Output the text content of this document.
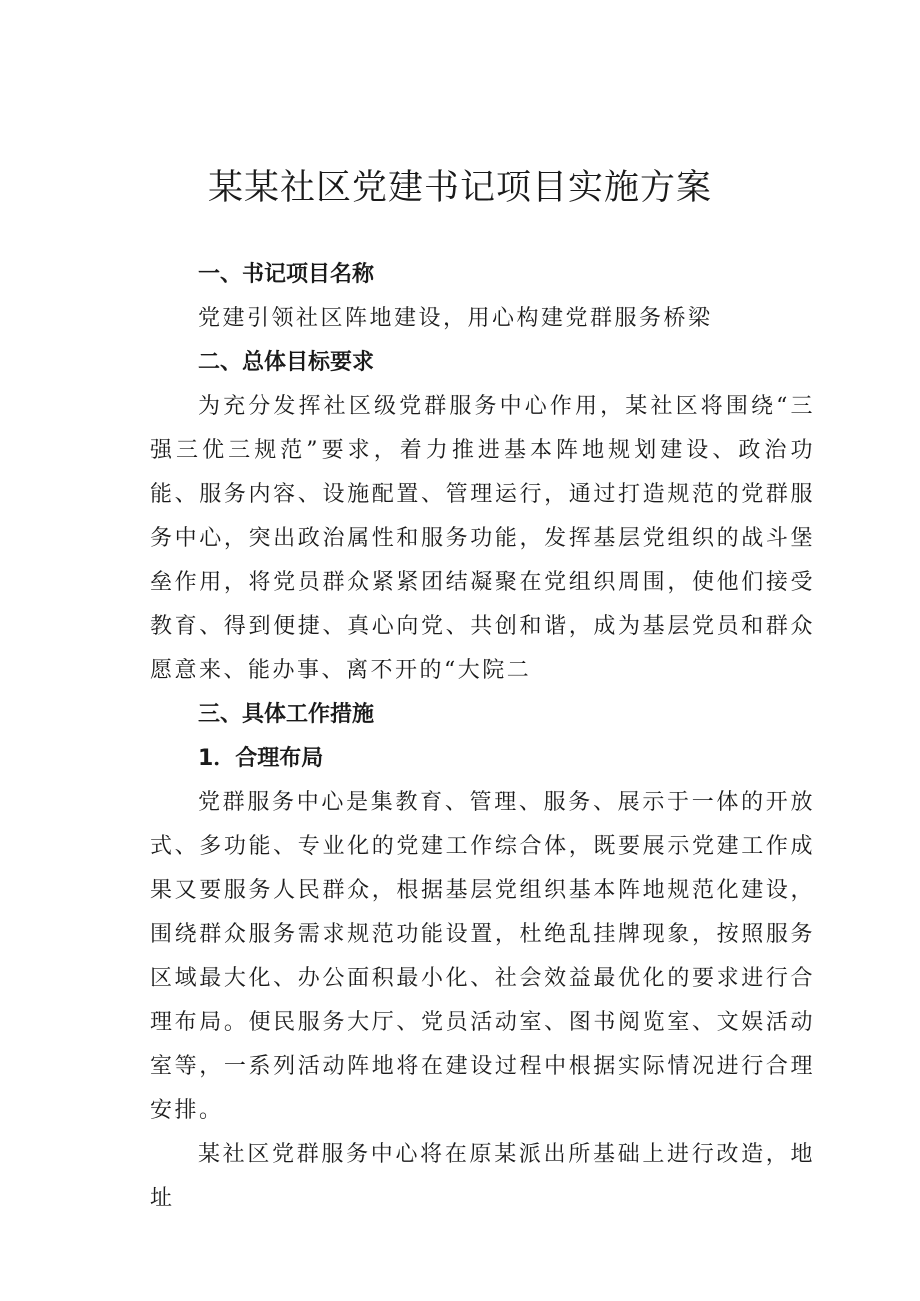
某某社区党建书记项目实施方案
一、书记项目名称

党建引领社区阵地建设，用心构建党群服务桥梁

二、总体目标要求

为充分发挥社区级党群服务中心作用，某社区将围绕“三强三优三规范”要求，着力推进基本阵地规划建设、政治功能、服务内容、设施配置、管理运行，通过打造规范的党群服务中心，突出政治属性和服务功能，发挥基层党组织的战斗堡垒作用，将党员群众紧紧团结凝聚在党组织周围，使他们接受教育、得到便捷、真心向党、共创和谐，成为基层党员和群众愿意来、能办事、离不开的“大院二

三、具体工作措施
1．合理布局

党群服务中心是集教育、管理、服务、展示于一体的开放式、多功能、专业化的党建工作综合体，既要展示党建工作成果又要服务人民群众，根据基层党组织基本阵地规范化建设，围绕群众服务需求规范功能设置，杜绝乱挂牌现象，按照服务区域最大化、办公面积最小化、社会效益最优化的要求进行合理布局。便民服务大厅、党员活动室、图书阅览室、文娱活动室等，一系列活动阵地将在建设过程中根据实际情况进行合理安排。

某社区党群服务中心将在原某派出所基础上进行改造，地址
